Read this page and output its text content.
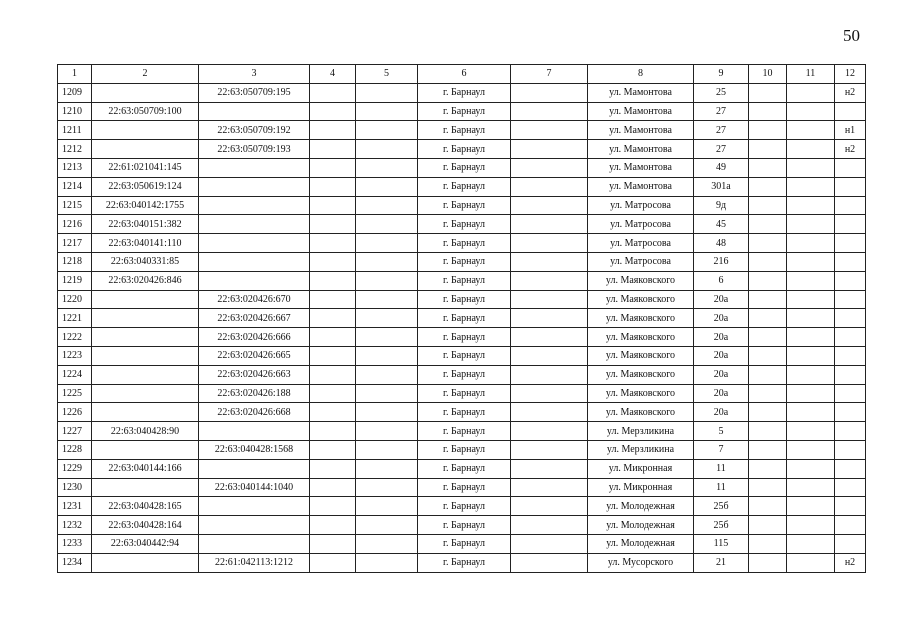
50
1	2	3	4	5	6	7	8	9	10	11	12
1209		22:63:050709:195			г. Барнаул		ул. Мамонтова	25			н2
1210	22:63:050709:100				г. Барнаул		ул. Мамонтова	27			
1211		22:63:050709:192			г. Барнаул		ул. Мамонтова	27			н1
1212		22:63:050709:193			г. Барнаул		ул. Мамонтова	27			н2
1213	22:61:021041:145				г. Барнаул		ул. Мамонтова	49			
1214	22:63:050619:124				г. Барнаул		ул. Мамонтова	301а			
1215	22:63:040142:1755				г. Барнаул		ул. Матросова	9д			
1216	22:63:040151:382				г. Барнаул		ул. Матросова	45			
1217	22:63:040141:110				г. Барнаул		ул. Матросова	48			
1218	22:63:040331:85				г. Барнаул		ул. Матросова	216			
1219	22:63:020426:846				г. Барнаул		ул. Маяковского	6			
1220		22:63:020426:670			г. Барнаул		ул. Маяковского	20а			
1221		22:63:020426:667			г. Барнаул		ул. Маяковского	20а			
1222		22:63:020426:666			г. Барнаул		ул. Маяковского	20а			
1223		22:63:020426:665			г. Барнаул		ул. Маяковского	20а			
1224		22:63:020426:663			г. Барнаул		ул. Маяковского	20а			
1225		22:63:020426:188			г. Барнаул		ул. Маяковского	20а			
1226		22:63:020426:668			г. Барнаул		ул. Маяковского	20а			
1227	22:63:040428:90				г. Барнаул		ул. Мерзликина	5			
1228		22:63:040428:1568			г. Барнаул		ул. Мерзликина	7			
1229	22:63:040144:166				г. Барнаул		ул. Микронная	11			
1230		22:63:040144:1040			г. Барнаул		ул. Микронная	11			
1231	22:63:040428:165				г. Барнаул		ул. Молодежная	25б			
1232	22:63:040428:164				г. Барнаул		ул. Молодежная	25б			
1233	22:63:040442:94				г. Барнаул		ул. Молодежная	115			
1234		22:61:042113:1212			г. Барнаул		ул. Мусорского	21			н2
